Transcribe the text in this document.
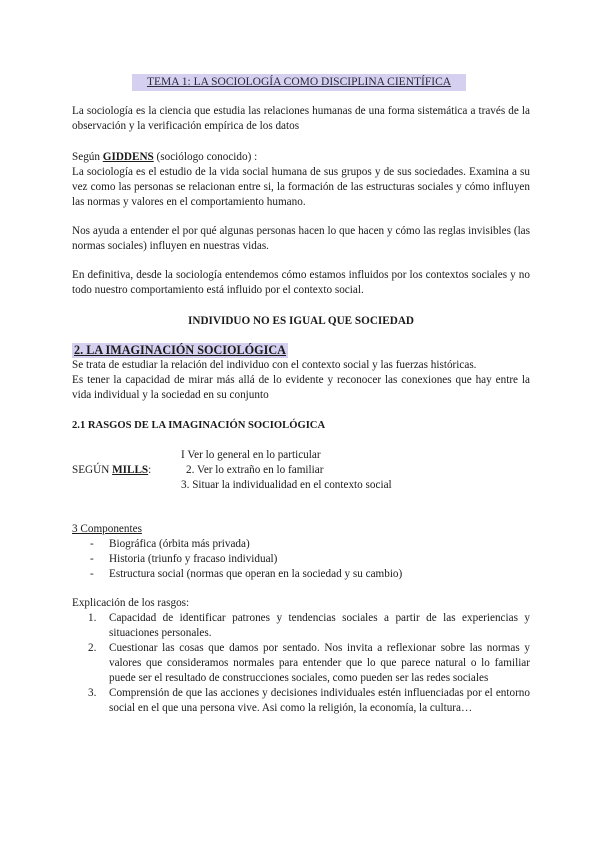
TEMA 1: LA SOCIOLOGÍA COMO DISCIPLINA CIENTÍFICA
La sociología es la ciencia que estudia las relaciones humanas de una forma sistemática a través de la observación y la verificación empírica de los datos
Según GIDDENS (sociólogo conocido) :
La sociología es el estudio de la vida social humana de sus grupos y de sus sociedades. Examina a su vez como las personas se relacionan entre si, la formación de las estructuras sociales y cómo influyen las normas y valores en el comportamiento humano.
Nos ayuda a entender el por qué algunas personas hacen lo que hacen y cómo las reglas invisibles (las normas sociales) influyen en nuestras vidas.
En definitiva, desde la sociología entendemos cómo estamos influidos por los contextos sociales y no todo nuestro comportamiento está influido por el contexto social.
INDIVIDUO NO ES IGUAL QUE SOCIEDAD
2. LA IMAGINACIÓN SOCIOLÓGICA
Se trata de estudiar la relación del individuo con el contexto social y las fuerzas históricas.
Es tener la capacidad de mirar más allá de lo evidente y reconocer las conexiones que hay entre la vida individual y la sociedad en su conjunto
2.1 RASGOS DE LA IMAGINACIÓN SOCIOLÓGICA
SEGÚN MILLS:
I Ver lo general en lo particular
2. Ver lo extraño en lo familiar
3. Situar la individualidad en el contexto social
3 Componentes
- Biográfica (órbita más privada)
- Historia (triunfo y fracaso individual)
- Estructura social (normas que operan en la sociedad y su cambio)
Explicación de los rasgos:
1. Capacidad de identificar patrones y tendencias sociales a partir de las experiencias y situaciones personales.
2. Cuestionar las cosas que damos por sentado. Nos invita a reflexionar sobre las normas y valores que consideramos normales para entender que lo que parece natural o lo familiar puede ser el resultado de construcciones sociales, como pueden ser las redes sociales
3. Comprensión de que las acciones y decisiones individuales estén influenciadas por el entorno social en el que una persona vive. Asi como la religión, la economía, la cultura…
